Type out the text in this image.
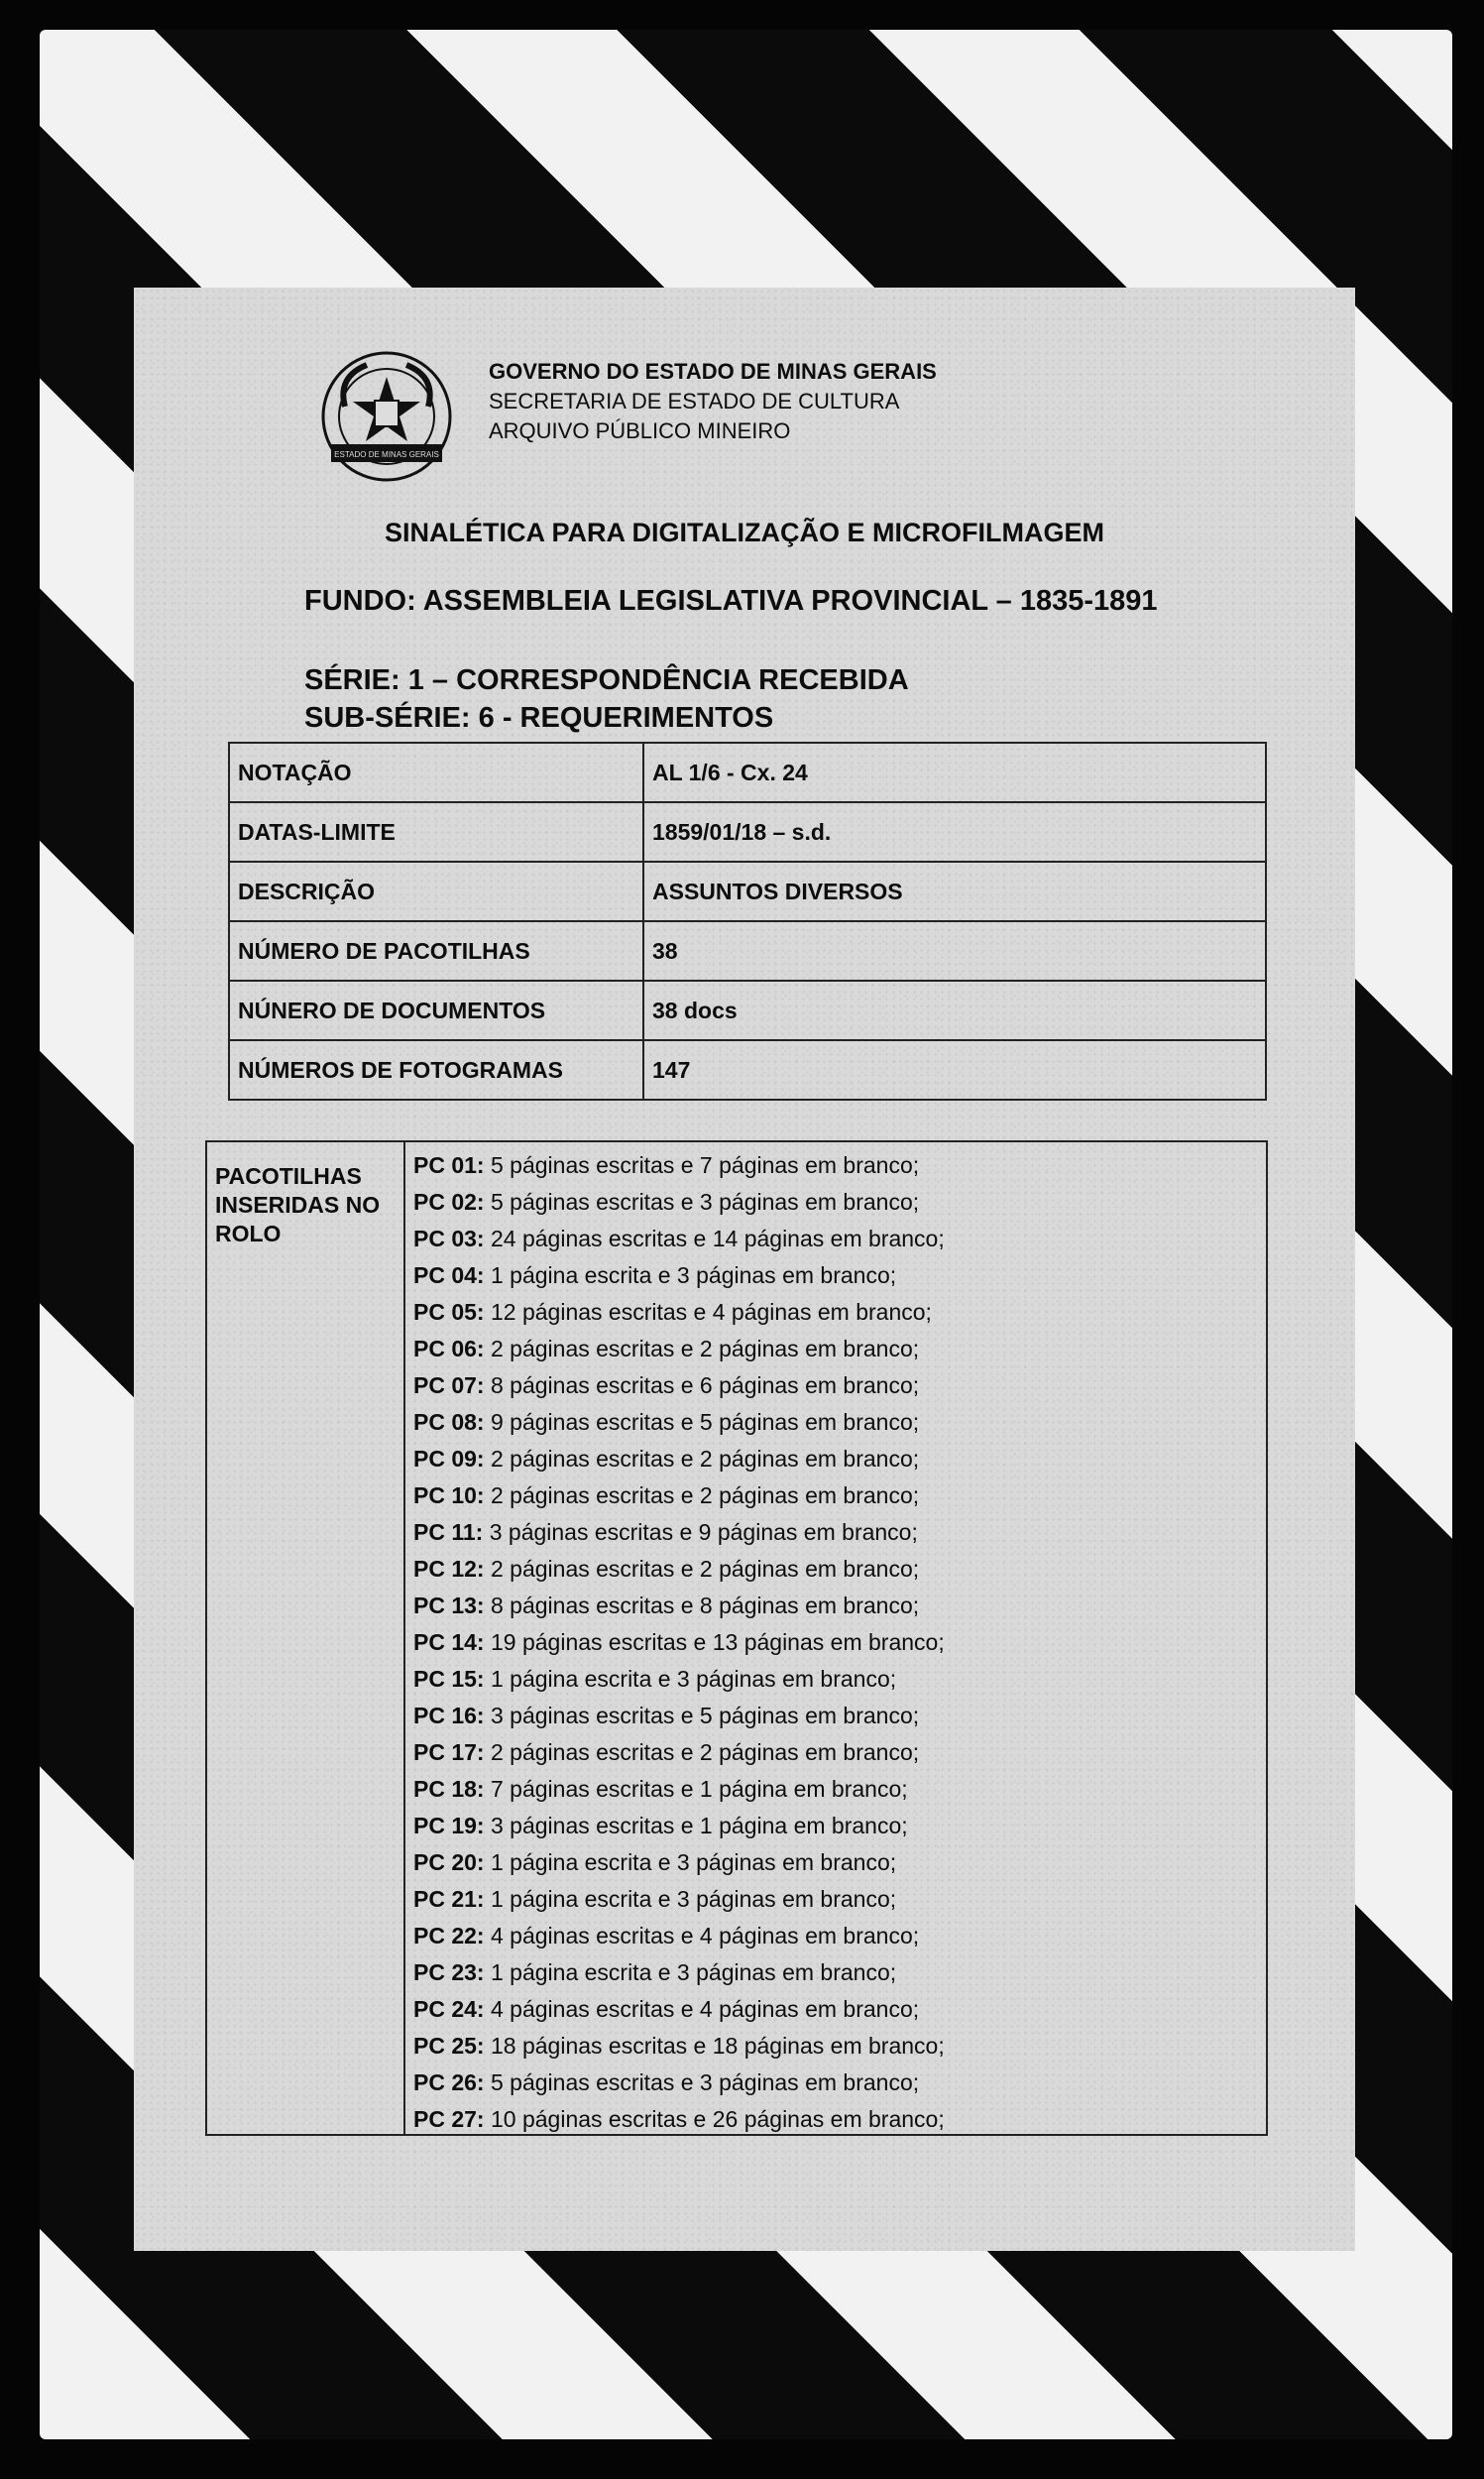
ESTADO DE MINAS GERAIS
GOVERNO DO ESTADO DE MINAS GERAIS
SECRETARIA DE ESTADO DE CULTURA
ARQUIVO PÚBLICO MINEIRO
SINALÉTICA PARA DIGITALIZAÇÃO E MICROFILMAGEM
FUNDO: ASSEMBLEIA LEGISLATIVA PROVINCIAL – 1835-1891
SÉRIE: 1 – CORRESPONDÊNCIA RECEBIDA
SUB-SÉRIE: 6 - REQUERIMENTOS
NOTAÇÃO	AL 1/6 - Cx. 24
DATAS-LIMITE	1859/01/18 – s.d.
DESCRIÇÃO	ASSUNTOS DIVERSOS
NÚMERO DE PACOTILHAS	38
NÚNERO DE DOCUMENTOS	38 docs
NÚMEROS DE FOTOGRAMAS	147
PACOTILHAS INSERIDAS NO ROLO
PC 01: 5 páginas escritas e 7 páginas em branco;
PC 02: 5 páginas escritas e 3 páginas em branco;
PC 03: 24 páginas escritas e 14 páginas em branco;
PC 04: 1 página escrita e 3 páginas em branco;
PC 05: 12 páginas escritas e 4 páginas em branco;
PC 06: 2 páginas escritas e 2 páginas em branco;
PC 07: 8 páginas escritas e 6 páginas em branco;
PC 08: 9 páginas escritas e 5 páginas em branco;
PC 09: 2 páginas escritas e 2 páginas em branco;
PC 10: 2 páginas escritas e 2 páginas em branco;
PC 11: 3 páginas escritas e 9 páginas em branco;
PC 12: 2 páginas escritas e 2 páginas em branco;
PC 13: 8 páginas escritas e 8 páginas em branco;
PC 14: 19 páginas escritas e 13 páginas em branco;
PC 15: 1 página escrita e 3 páginas em branco;
PC 16: 3 páginas escritas e 5 páginas em branco;
PC 17: 2 páginas escritas e 2 páginas em branco;
PC 18: 7 páginas escritas e 1 página em branco;
PC 19: 3 páginas escritas e 1 página em branco;
PC 20: 1 página escrita e 3 páginas em branco;
PC 21: 1 página escrita e 3 páginas em branco;
PC 22: 4 páginas escritas e 4 páginas em branco;
PC 23: 1 página escrita e 3 páginas em branco;
PC 24: 4 páginas escritas e 4 páginas em branco;
PC 25: 18 páginas escritas e 18 páginas em branco;
PC 26: 5 páginas escritas e 3 páginas em branco;
PC 27: 10 páginas escritas e 26 páginas em branco;
